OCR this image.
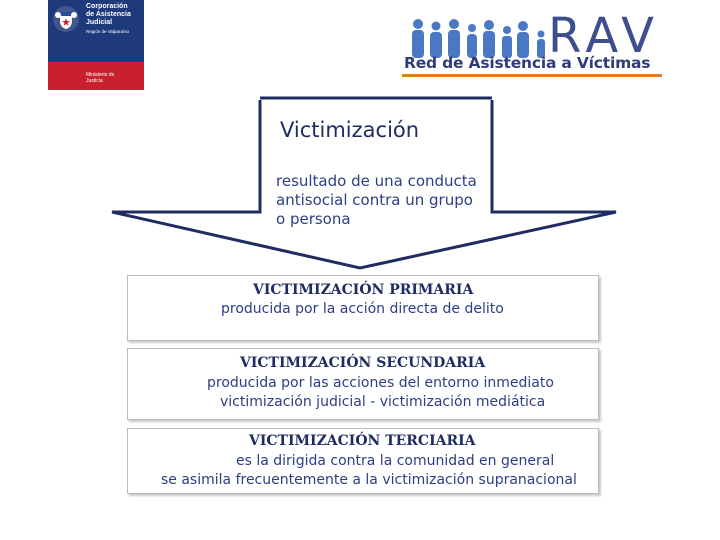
Corporación
de Asistencia
Judicial
Región de Valparaíso
Ministerio de
Justicia
RAV
Red de Asistencia a Víctimas
Victimización
resultado de una conducta
antisocial contra un grupo
o persona
VICTIMIZACIÓN PRIMARIA
producida por la acción directa de delito
VICTIMIZACIÓN SECUNDARIA
producida por las acciones del entorno inmediato
victimización judicial - victimización mediática
VICTIMIZACIÓN TERCIARIA
es la dirigida contra la comunidad en general
se asimila frecuentemente a la victimización supranacional
